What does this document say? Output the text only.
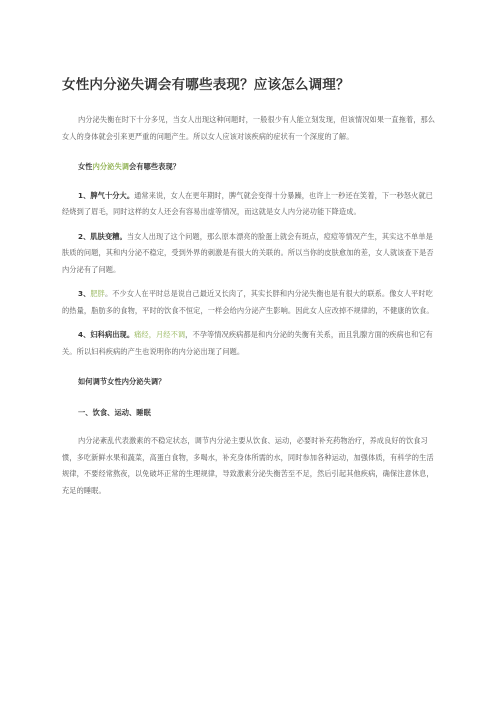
女性内分泌失调会有哪些表现？应该怎么调理？

内分泌失衡在时下十分多见，当女人出现这种问题时，一般很少有人能立刻发现，但该情况如果一直拖着，那么女人的身体就会引来更严重的问题产生。所以女人应该对该疾病的症状有一个深度的了解。

女性内分泌失调会有哪些表现？

1、脾气十分大。通常来说，女人在更年期时，脾气就会变得十分暴躁，也许上一秒还在笑着，下一秒怒火就已经烧到了眉毛，同时这样的女人还会有容易出虚等情况，而这就是女人内分泌功能下降造成。

2、肌肤变糟。当女人出现了这个问题，那么原本漂亮的脸蛋上就会有斑点，痘痘等情况产生，其实这不单单是肤质的问题，其和内分泌不稳定，受到外界的刺激是有很大的关联的。所以当你的皮肤愈加的差，女人就该查下是否内分泌有了问题。

3、肥胖。不少女人在平时总是说自己最近又长肉了，其实长胖和内分泌失衡也是有很大的联系。像女人平时吃的热量，脂肪多的食物，平时的饮食不恒定，一样会给内分泌产生影响。因此女人应改掉不规律的，不健康的饮食。

4、妇科病出现。痛经，月经不调，不孕等情况疾病都是和内分泌的失衡有关系，而且乳腺方面的疾病也和它有关。所以妇科疾病的产生也说明你的内分泌出现了问题。

如何调节女性内分泌失调？

一、饮食、运动、睡眠

内分泌紊乱代表激素的不稳定状态，调节内分泌主要从饮食、运动，必要时补充药物治疗，养成良好的饮食习惯，多吃新鲜水果和蔬菜，高蛋白食物，多喝水，补充身体所需的水，同时参加各种运动，加强体质，有科学的生活规律，不要经常熬夜，以免破坏正常的生理规律，导致激素分泌失衡苦至不足，然后引起其他疾病，确保注意休息，充足的睡眠。
